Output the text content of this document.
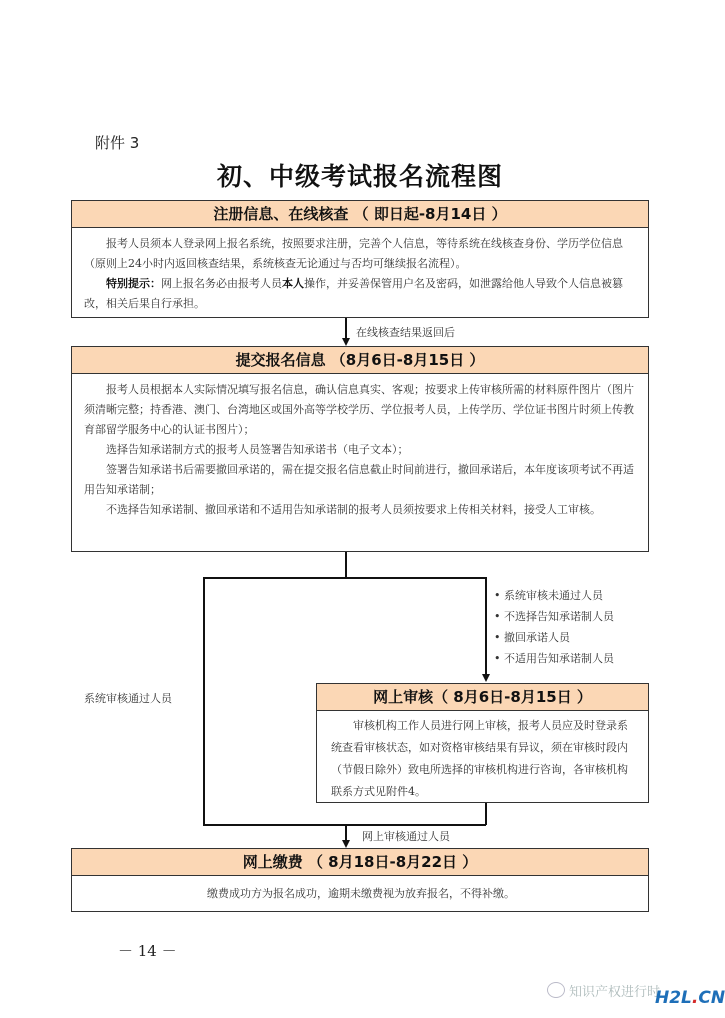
附件 3
初、中级考试报名流程图
注册信息、在线核查 （ 即日起-8月14日 ）

报考人员须本人登录网上报名系统，按照要求注册，完善个人信息，等待系统在线核查身份、学历学位信息（原则上24小时内返回核查结果，系统核查无论通过与否均可继续报名流程）。

特别提示：网上报名务必由报考人员本人操作，并妥善保管用户名及密码，如泄露给他人导致个人信息被篡改，相关后果自行承担。

在线核查结果返回后
提交报名信息 （8月6日-8月15日 ）

报考人员根据本人实际情况填写报名信息，确认信息真实、客观；按要求上传审核所需的材料原件图片（图片须清晰完整；持香港、澳门、台湾地区或国外高等学校学历、学位报考人员，上传学历、学位证书图片时须上传教育部留学服务中心的认证书图片）；

选择告知承诺制方式的报考人员签署告知承诺书（电子文本）；

签署告知承诺书后需要撤回承诺的，需在提交报名信息截止时间前进行，撤回承诺后，本年度该项考试不再适用告知承诺制；

不选择告知承诺制、撤回承诺和不适用告知承诺制的报考人员须按要求上传相关材料，接受人工审核。

系统审核通过人员
• 系统审核未通过人员
• 不选择告知承诺制人员
• 撤回承诺人员
• 不适用告知承诺制人员
网上审核（ 8月6日-8月15日 ）

审核机构工作人员进行网上审核，报考人员应及时登录系统查看审核状态，如对资格审核结果有异议，须在审核时段内（节假日除外）致电所选择的审核机构进行咨询，各审核机构联系方式见附件4。

网上审核通过人员
网上缴费 （ 8月18日-8月22日 ）

缴费成功方为报名成功，逾期未缴费视为放弃报名，不得补缴。

－ 14 －
知识产权进行时
H2L.CN
